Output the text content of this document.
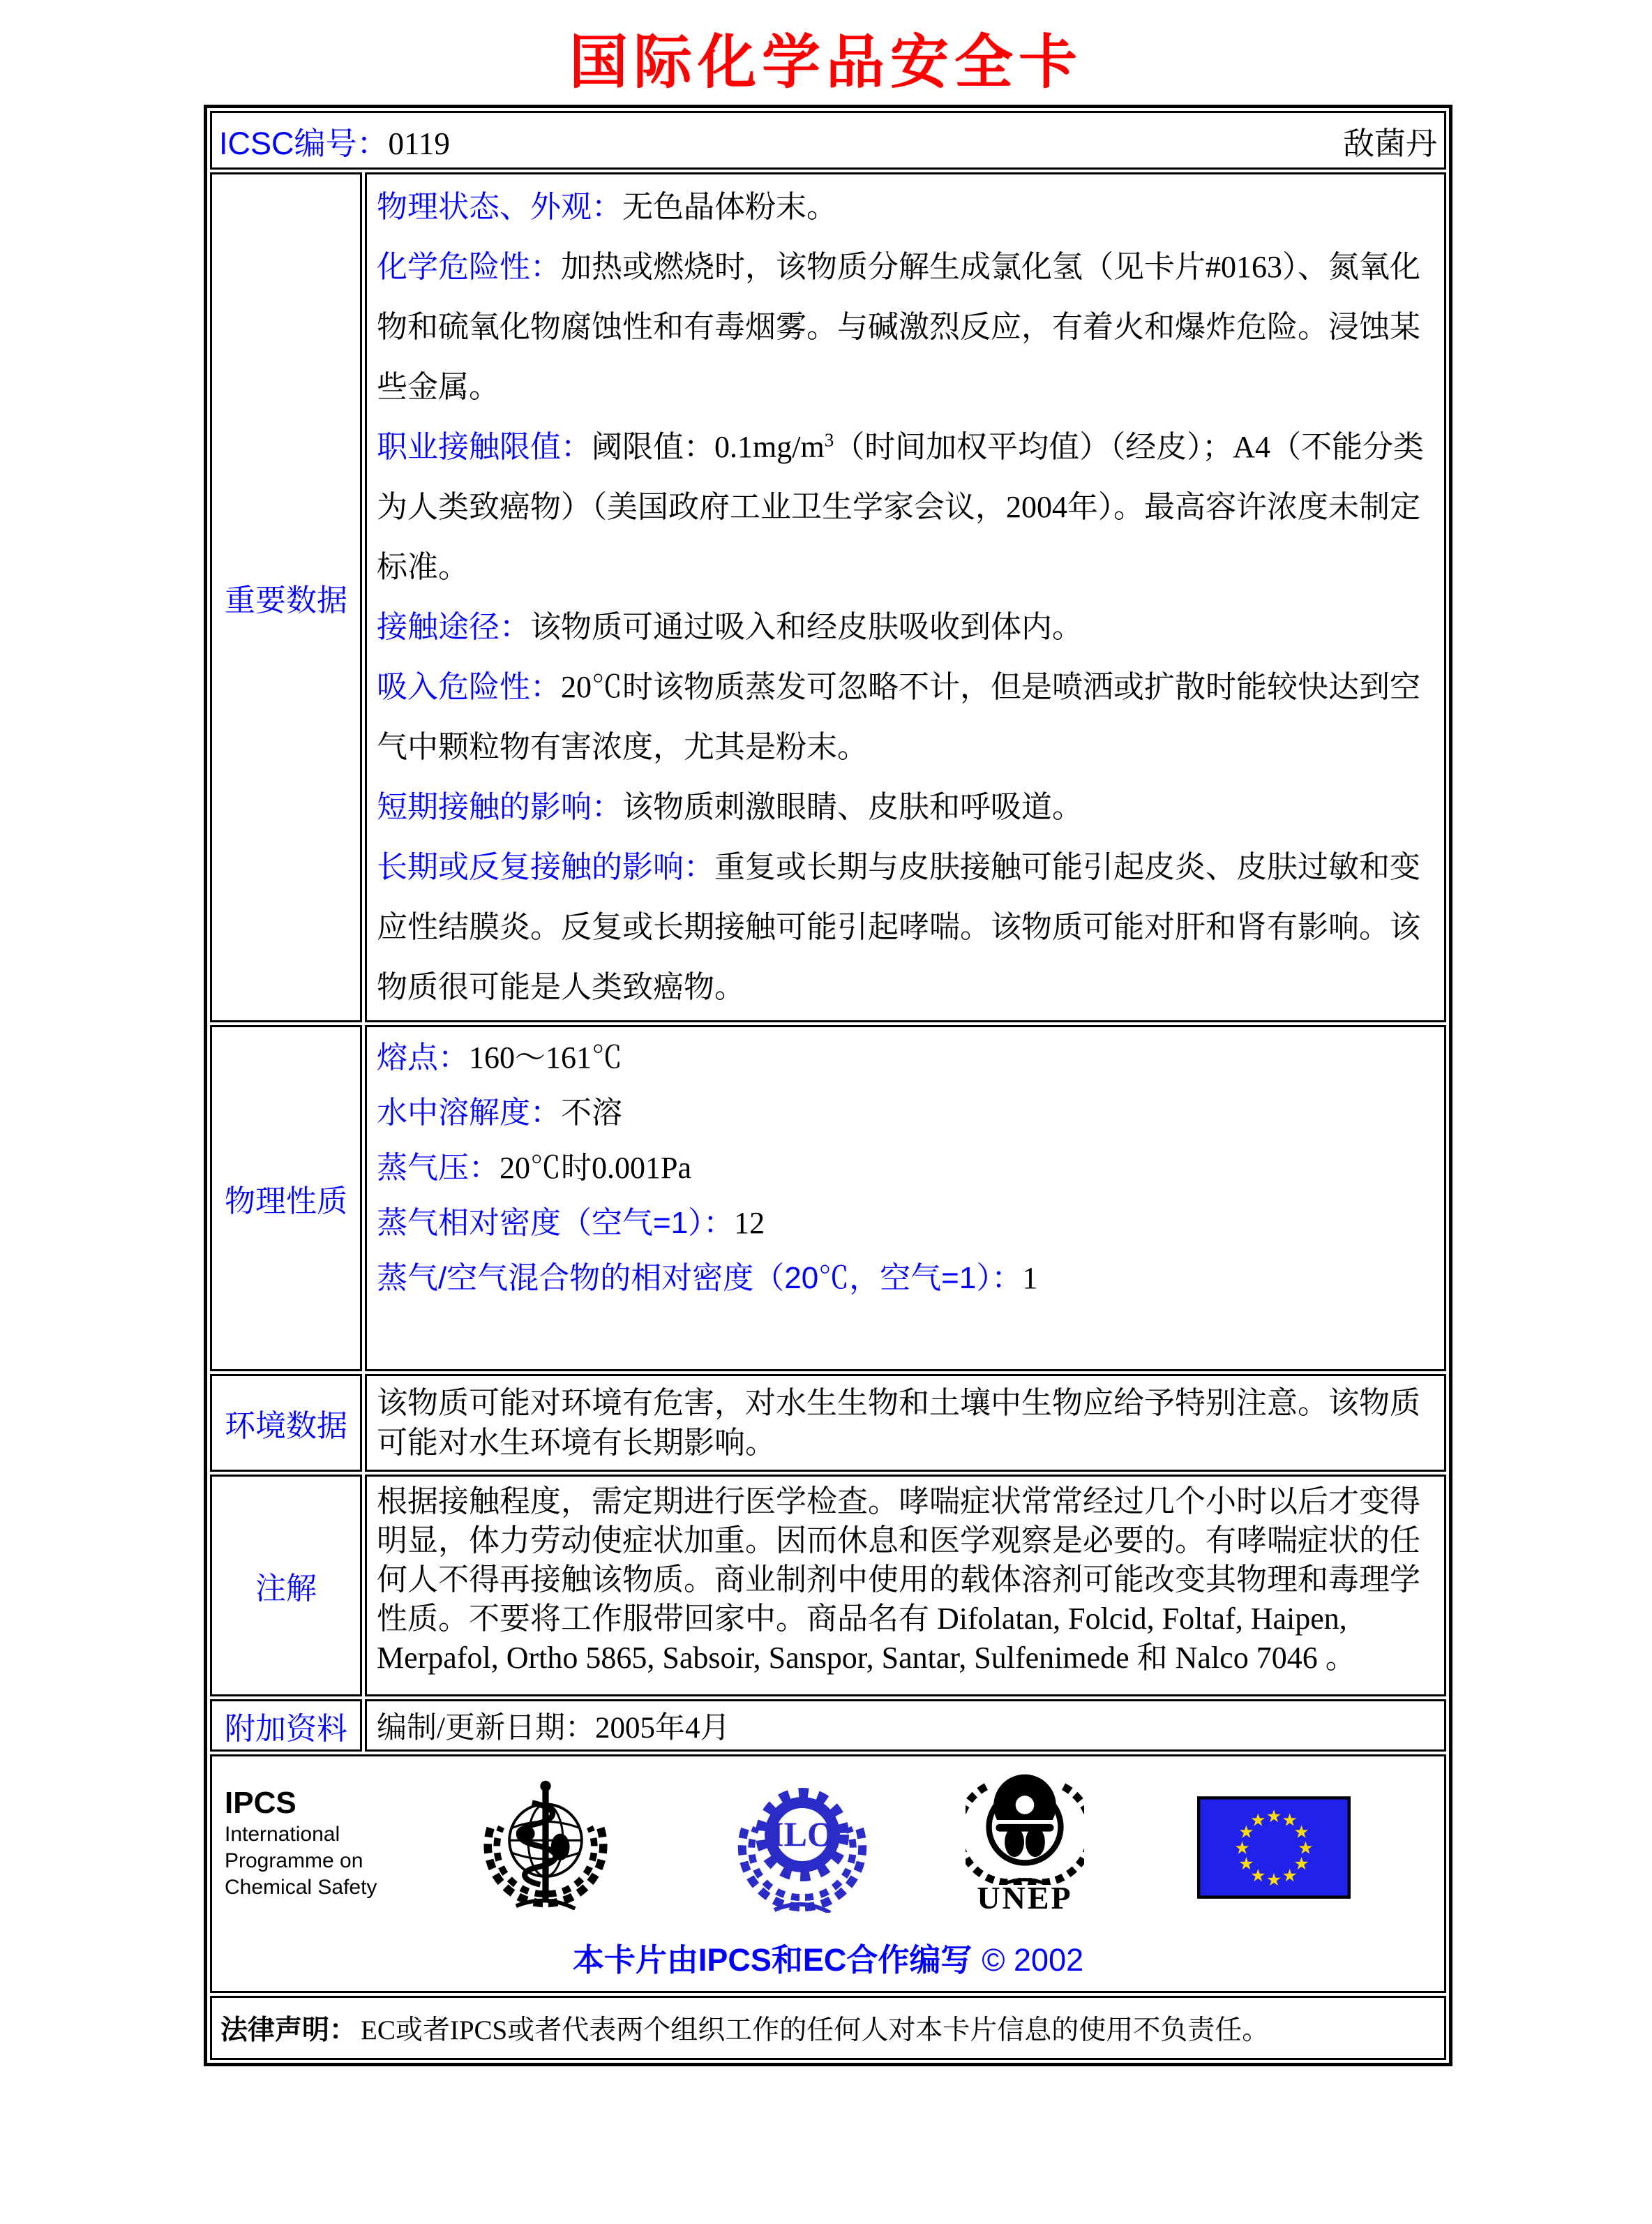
国际化学品安全卡
ICSC编号：0119	敌菌丹
重要数据

物理状态、外观：无色晶体粉末。

化学危险性：加热或燃烧时，该物质分解生成氯化氢（见卡片#0163）、氮氧化物和硫氧化物腐蚀性和有毒烟雾。与碱激烈反应，有着火和爆炸危险。浸蚀某些金属。

职业接触限值：阈限值：$0.1mg/m^3$（时间加权平均值）（经皮）；A4（不能分类为人类致癌物）（美国政府工业卫生学家会议，2004年）。最高容许浓度未制定标准。

接触途径：该物质可通过吸入和经皮肤吸收到体内。

吸入危险性：20℃时该物质蒸发可忽略不计，但是喷洒或扩散时能较快达到空气中颗粒物有害浓度，尤其是粉末。

短期接触的影响：该物质刺激眼睛、皮肤和呼吸道。

长期或反复接触的影响：重复或长期与皮肤接触可能引起皮炎、皮肤过敏和变应性结膜炎。反复或长期接触可能引起哮喘。该物质可能对肝和肾有影响。该物质很可能是人类致癌物。

物理性质

熔点：160～161℃

水中溶解度：不溶

蒸气压：20℃时0.001Pa

蒸气相对密度（空气=1）：12

蒸气/空气混合物的相对密度（20℃，空气=1）：1

环境数据

该物质可能对环境有危害，对水生生物和土壤中生物应给予特别注意。该物质可能对水生环境有长期影响。

注解

根据接触程度，需定期进行医学检查。哮喘症状常常经过几个小时以后才变得明显，体力劳动使症状加重。因而休息和医学观察是必要的。有哮喘症状的任何人不得再接触该物质。商业制剂中使用的载体溶剂可能改变其物理和毒理学性质。不要将工作服带回家中。商品名有 Difolatan, Folcid, Foltaf, Haipen, Merpafol, Ortho 5865, Sabsoir, Sanspor, Santar, Sulfenimede 和 Nalco 7046 。

附加资料 编制/更新日期：2005年4月
IPCS
International
Programme on
Chemical Safety
ILO
UNEP
★ ★
★
★
★
★
★
★
★
★
★
★
本卡片由IPCS和EC合作编写 © 2002
法律声明： EC或者IPCS或者代表两个组织工作的任何人对本卡片信息的使用不负责任。
